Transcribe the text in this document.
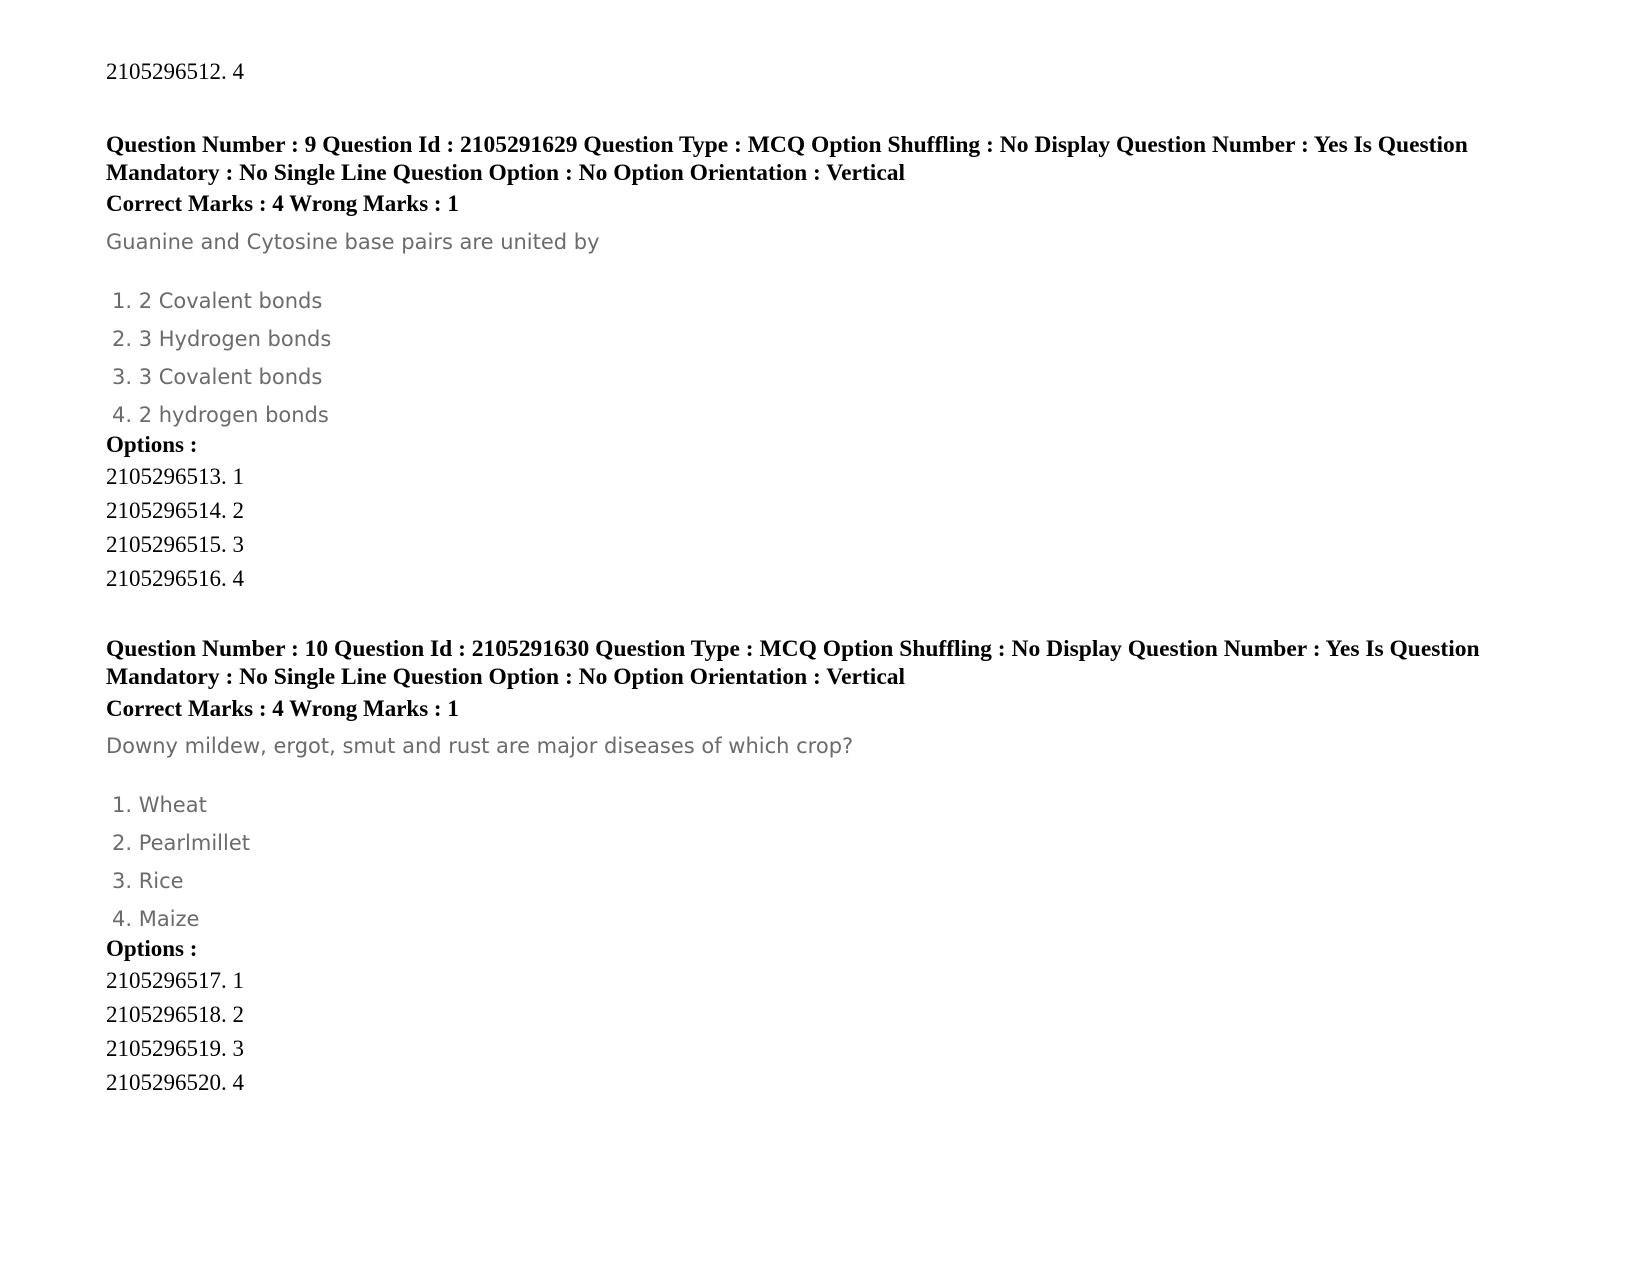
2105296512. 4

Question Number : 9 Question Id : 2105291629 Question Type : MCQ Option Shuffling : No Display Question Number : Yes Is Question Mandatory : No Single Line Question Option : No Option Orientation : Vertical

Correct Marks : 4 Wrong Marks : 1

Guanine and Cytosine base pairs are united by

1. 2 Covalent bonds
2. 3 Hydrogen bonds
3. 3 Covalent bonds
4. 2 hydrogen bonds

Options :

2105296513. 1

2105296514. 2

2105296515. 3

2105296516. 4

Question Number : 10 Question Id : 2105291630 Question Type : MCQ Option Shuffling : No Display Question Number : Yes Is Question Mandatory : No Single Line Question Option : No Option Orientation : Vertical

Correct Marks : 4 Wrong Marks : 1

Downy mildew, ergot, smut and rust are major diseases of which crop?

1. Wheat
2. Pearlmillet
3. Rice
4. Maize

Options :

2105296517. 1

2105296518. 2

2105296519. 3

2105296520. 4
